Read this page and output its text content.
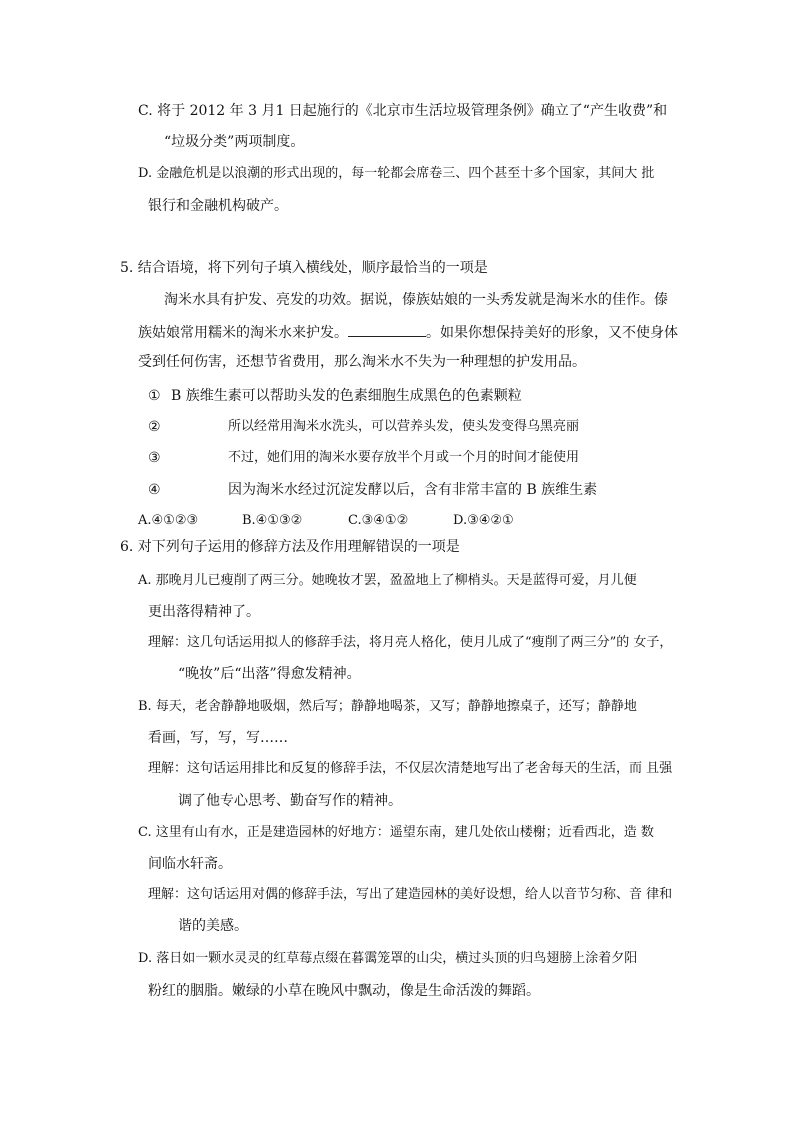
C. 将于 2012 年 3 月1 日起施行的《北京市生活垃圾管理条例》确立了“产生收费”和
“垃圾分类”两项制度。
D. 金融危机是以浪潮的形式出现的，每一轮都会席卷三、四个甚至十多个国家，其间大 批
银行和金融机构破产。
5. 结合语境，将下列句子填入横线处，顺序最恰当的一项是
淘米水具有护发、亮发的功效。据说，傣族姑娘的一头秀发就是淘米水的佳作。傣
族姑娘常用糯米的淘米水来护发。	。如果你想保持美好的形象，又不使身体
受到任何伤害，还想节省费用，那么淘米水不失为一种理想的护发用品。
① B 族维生素可以帮助头发的色素细胞生成黑色的色素颗粒
②	所以经常用淘米水洗头，可以营养头发，使头发变得乌黑亮丽
③	不过，她们用的淘米水要存放半个月或一个月的时间才能使用
④	因为淘米水经过沉淀发酵以后，含有非常丰富的 B 族维生素
A.④①②③	B.④①③②	C.③④①②	D.③④②①
6. 对下列句子运用的修辞方法及作用理解错误的一项是
A. 那晚月儿已瘦削了两三分。她晚妆才罢，盈盈地上了柳梢头。天是蓝得可爱，月儿便
更出落得精神了。
理解：这几句话运用拟人的修辞手法，将月亮人格化，使月儿成了“瘦削了两三分”的 女子，
“晚妆”后“出落”得愈发精神。
B. 每天，老舍静静地吸烟，然后写；静静地喝茶，又写；静静地擦桌子，还写；静静地
看画，写，写，写……
理解：这句话运用排比和反复的修辞手法，不仅层次清楚地写出了老舍每天的生活，而 且强
调了他专心思考、勤奋写作的精神。
C. 这里有山有水，正是建造园林的好地方：遥望东南，建几处依山楼榭；近看西北，造 数
间临水轩斋。
理解：这句话运用对偶的修辞手法，写出了建造园林的美好设想，给人以音节匀称、音 律和
谐的美感。
D. 落日如一颗水灵灵的红草莓点缀在暮霭笼罩的山尖，横过头顶的归鸟翅膀上涂着夕阳
粉红的胭脂。嫩绿的小草在晚风中飘动，像是生命活泼的舞蹈。
